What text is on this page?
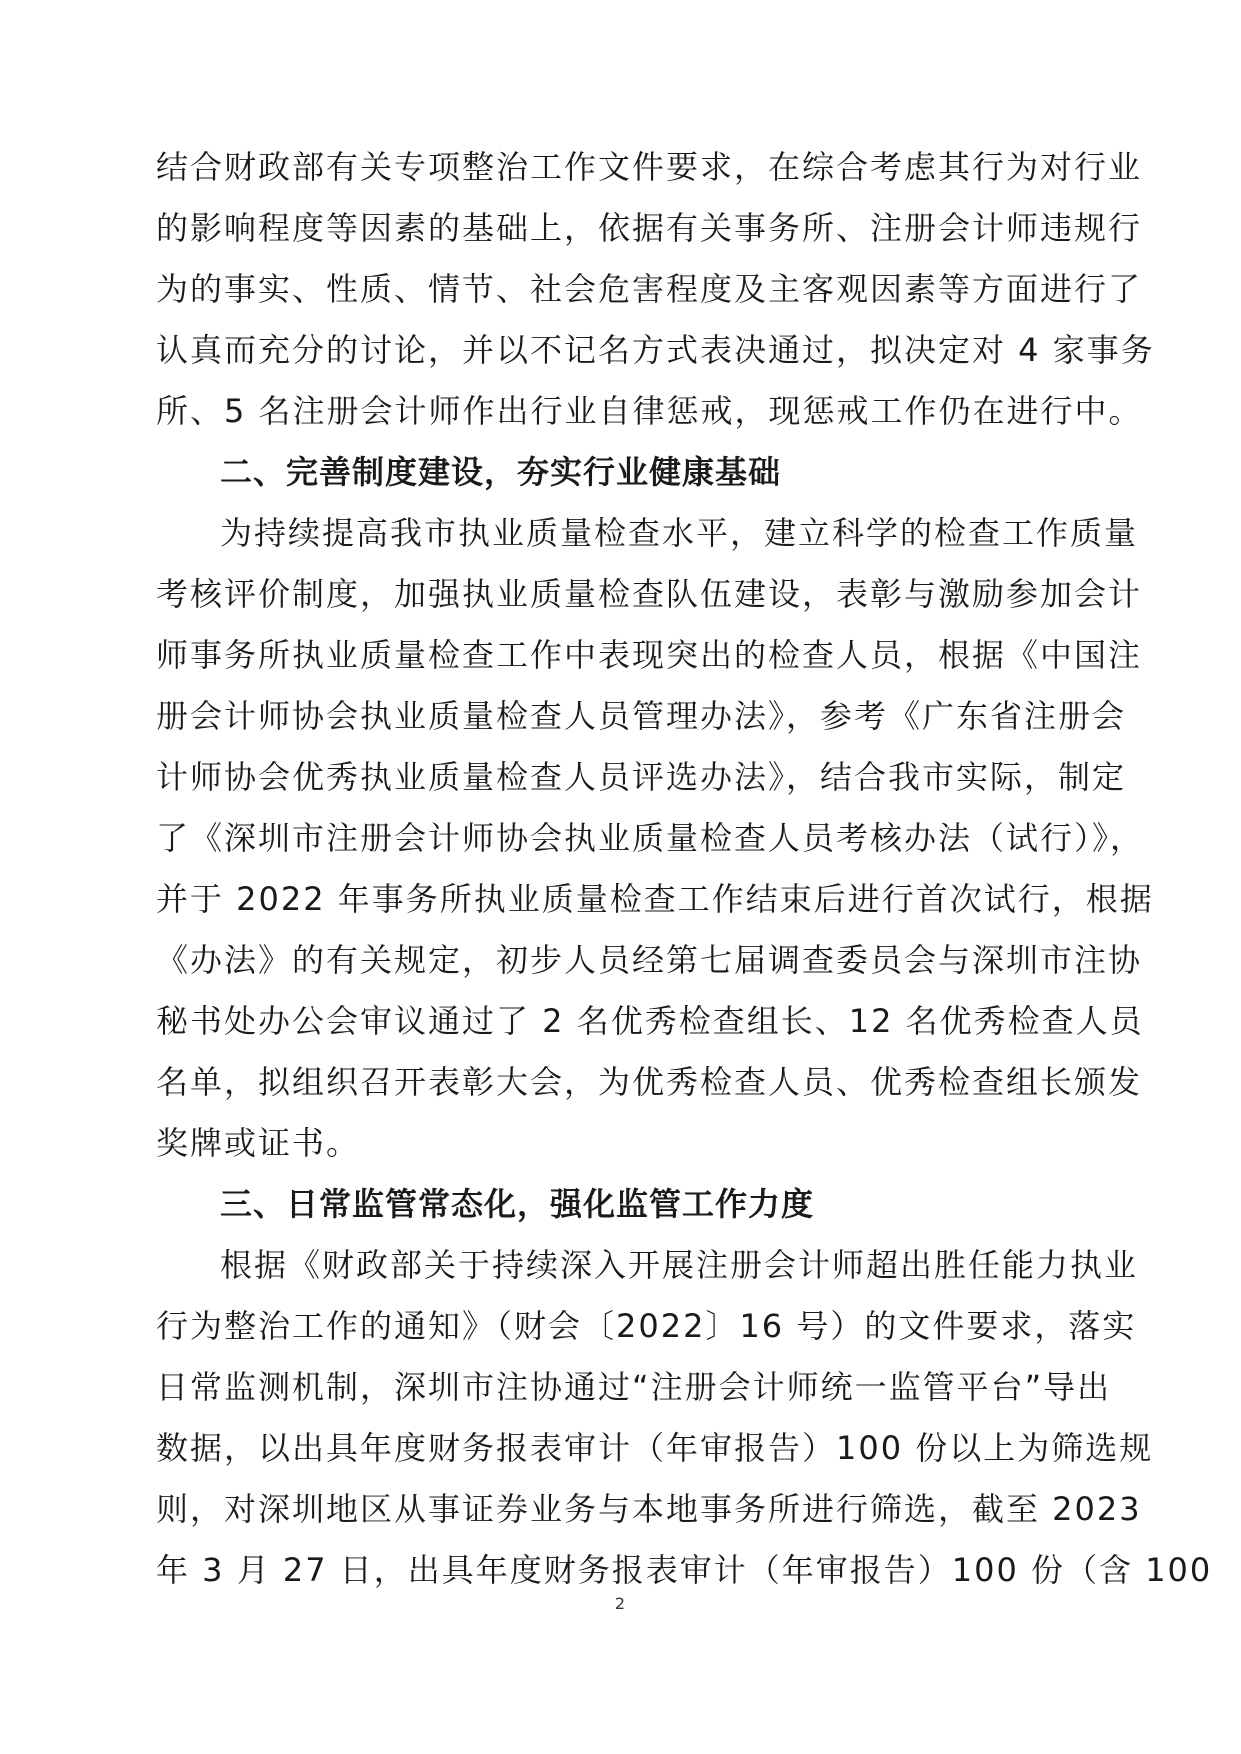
结合财政部有关专项整治工作文件要求，在综合考虑其行为对行业
的影响程度等因素的基础上，依据有关事务所、注册会计师违规行
为的事实、性质、情节、社会危害程度及主客观因素等方面进行了
认真而充分的讨论，并以不记名方式表决通过，拟决定对 4 家事务
所、5 名注册会计师作出行业自律惩戒，现惩戒工作仍在进行中。
二、完善制度建设，夯实行业健康基础
为持续提高我市执业质量检查水平，建立科学的检查工作质量
考核评价制度，加强执业质量检查队伍建设，表彰与激励参加会计
师事务所执业质量检查工作中表现突出的检查人员，根据《中国注
册会计师协会执业质量检查人员管理办法》，参考《广东省注册会
计师协会优秀执业质量检查人员评选办法》，结合我市实际，制定
了《深圳市注册会计师协会执业质量检查人员考核办法（试行）》，
并于 2022 年事务所执业质量检查工作结束后进行首次试行，根据
《办法》的有关规定，初步人员经第七届调查委员会与深圳市注协
秘书处办公会审议通过了 2 名优秀检查组长、12 名优秀检查人员
名单，拟组织召开表彰大会，为优秀检查人员、优秀检查组长颁发
奖牌或证书。
三、日常监管常态化，强化监管工作力度
根据《财政部关于持续深入开展注册会计师超出胜任能力执业
行为整治工作的通知》（财会〔2022〕16 号）的文件要求，落实
日常监测机制，深圳市注协通过“注册会计师统一监管平台”导出
数据，以出具年度财务报表审计（年审报告）100 份以上为筛选规
则，对深圳地区从事证券业务与本地事务所进行筛选，截至 2023
年 3 月 27 日，出具年度财务报表审计（年审报告）100 份（含 100
2
